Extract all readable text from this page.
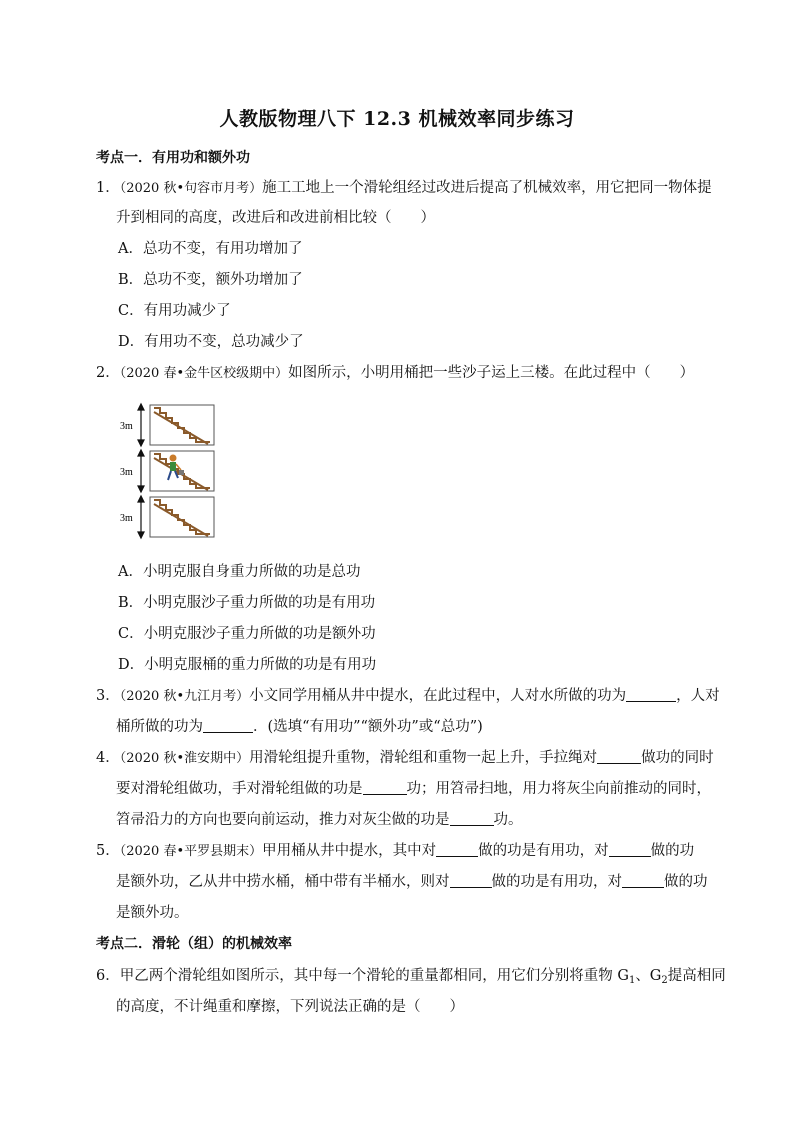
人教版物理八下 12.3 机械效率同步练习
考点一．有用功和额外功
1．（2020 秋•句容市月考）施工工地上一个滑轮组经过改进后提高了机械效率，用它把同一物体提
升到相同的高度，改进后和改进前相比较（　　）
A．总功不变，有用功增加了
B．总功不变，额外功增加了
C．有用功减少了
D．有用功不变，总功减少了
2．（2020 春•金牛区校级期中）如图所示，小明用桶把一些沙子运上三楼。在此过程中（　　）
3m
3m
3m
A．小明克服自身重力所做的功是总功
B．小明克服沙子重力所做的功是有用功
C．小明克服沙子重力所做的功是额外功
D．小明克服桶的重力所做的功是有用功
3．（2020 秋•九江月考）小文同学用桶从井中提水，在此过程中，人对水所做的功为	，人对
桶所做的功为	．(选填“有用功”“额外功”或“总功”)
4．（2020 秋•淮安期中）用滑轮组提升重物，滑轮组和重物一起上升，手拉绳对	做功的同时
要对滑轮组做功，手对滑轮组做的功是	功；用笤帚扫地，用力将灰尘向前推动的同时，
笤帚沿力的方向也要向前运动，推力对灰尘做的功是	功。
5．（2020 春•平罗县期末）甲用桶从井中提水，其中对	做的功是有用功，对	做的功
是额外功，乙从井中捞水桶，桶中带有半桶水，则对	做的功是有用功，对	做的功
是额外功。
考点二．滑轮（组）的机械效率
6．甲乙两个滑轮组如图所示，其中每一个滑轮的重量都相同，用它们分别将重物 $G_1$、$G_2$提高相同
的高度，不计绳重和摩擦，下列说法正确的是（　　）
